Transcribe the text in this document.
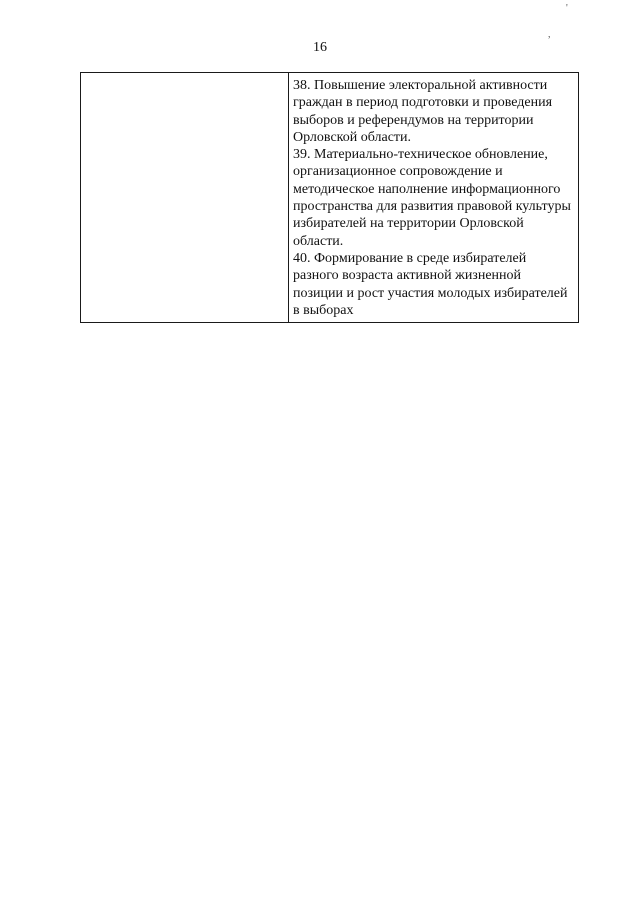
'
,
16

38. Повышение электоральной активности граждан в период подготовки и проведения выборов и референдумов на территории Орловской области.

39. Материально-техническое обновление, организационное сопровождение и методическое наполнение информационного пространства для развития правовой культуры избирателей на территории Орловской области.

40. Формирование в среде избирателей разного возраста активной жизненной позиции и рост участия молодых избирателей в выборах
